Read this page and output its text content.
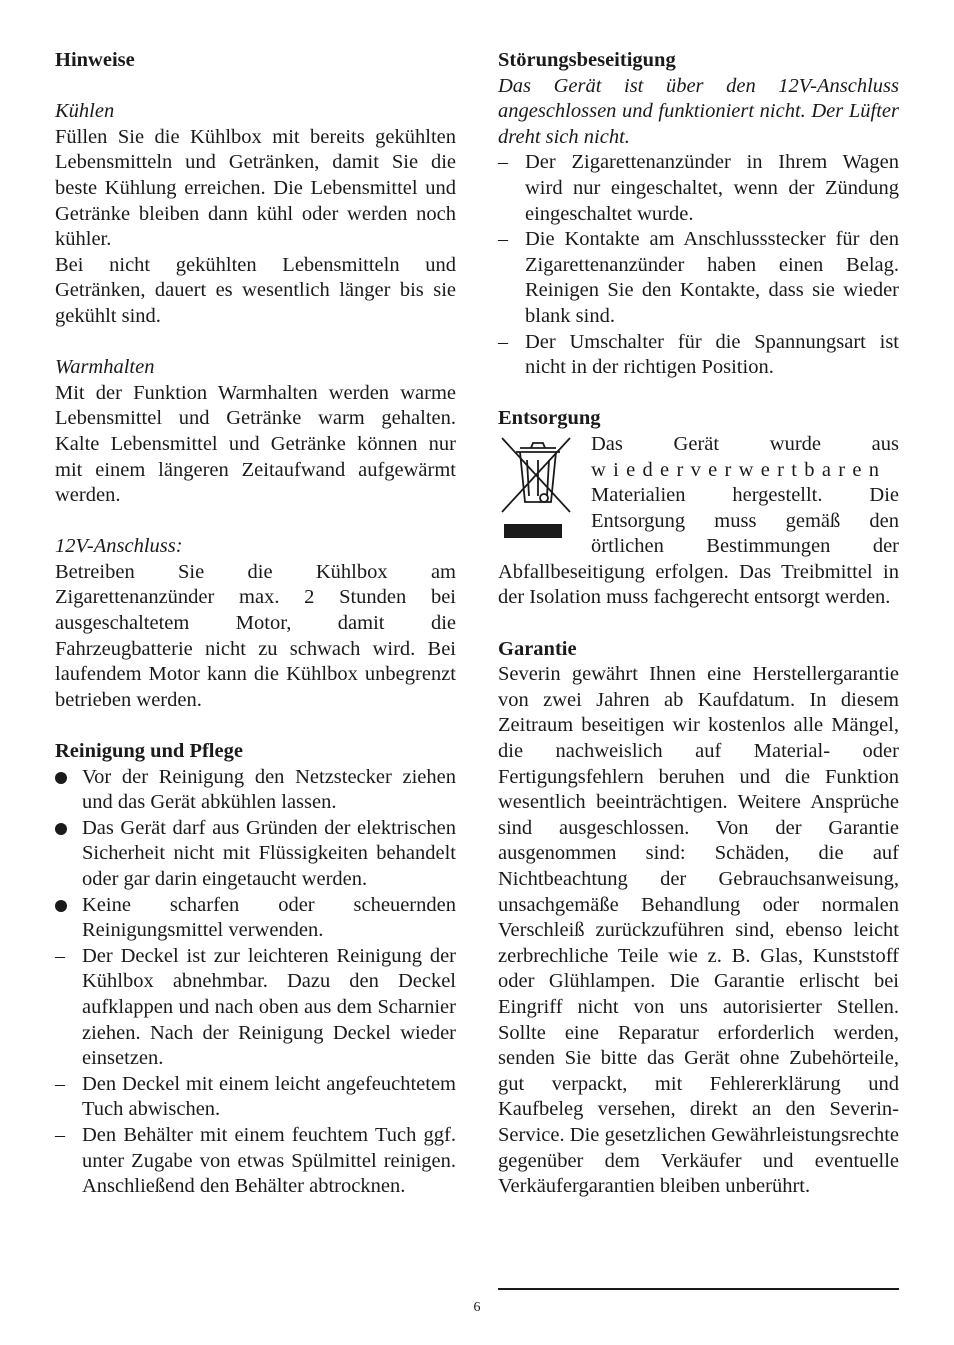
Hinweise

Kühlen

Füllen Sie die Kühlbox mit bereits gekühlten Lebensmitteln und Getränken, damit Sie die beste Kühlung erreichen. Die Lebensmittel und Getränke bleiben dann kühl oder werden noch kühler.

Bei nicht gekühlten Lebensmitteln und Getränken, dauert es wesentlich länger bis sie gekühlt sind.

Warmhalten

Mit der Funktion Warmhalten werden warme Lebensmittel und Getränke warm gehalten. Kalte Lebensmittel und Getränke können nur mit einem längeren Zeitaufwand aufgewärmt werden.

12V-Anschluss:

Betreiben Sie die Kühlbox am Zigarettenanzünder max. 2 Stunden bei ausgeschaltetem Motor, damit die Fahrzeugbatterie nicht zu schwach wird. Bei laufendem Motor kann die Kühlbox unbegrenzt betrieben werden.

Reinigung und Pflege

Vor der Reinigung den Netzstecker ziehen und das Gerät abkühlen lassen.
Das Gerät darf aus Gründen der elektrischen Sicherheit nicht mit Flüssigkeiten behandelt oder gar darin eingetaucht werden.
Keine scharfen oder scheuernden Reinigungsmittel verwenden.
– Der Deckel ist zur leichteren Reinigung der Kühlbox abnehmbar. Dazu den Deckel aufklappen und nach oben aus dem Scharnier ziehen. Nach der Reinigung Deckel wieder einsetzen.
– Den Deckel mit einem leicht angefeuchtetem Tuch abwischen.
– Den Behälter mit einem feuchtem Tuch ggf. unter Zugabe von etwas Spülmittel reinigen. Anschließend den Behälter abtrocknen.

Störungsbeseitigung

Das Gerät ist über den 12V-Anschluss angeschlossen und funktioniert nicht. Der Lüfter dreht sich nicht.

– Der Zigarettenanzünder in Ihrem Wagen wird nur eingeschaltet, wenn der Zündung eingeschaltet wurde.
– Die Kontakte am Anschlussstecker für den Zigarettenanzünder haben einen Belag. Reinigen Sie den Kontakte, dass sie wieder blank sind.
– Der Umschalter für die Spannungsart ist nicht in der richtigen Position.

Entsorgung

Das Gerät wurde aus
wiederverwertbaren
Materialien hergestellt. Die
Entsorgung muss gemäß den
örtlichen Bestimmungen der

Abfallbeseitigung erfolgen. Das Treibmittel in der Isolation muss fachgerecht entsorgt werden.

Garantie

Severin gewährt Ihnen eine Herstellergarantie von zwei Jahren ab Kaufdatum. In diesem Zeitraum beseitigen wir kostenlos alle Mängel, die nachweislich auf Material- oder Fertigungsfehlern beruhen und die Funktion wesentlich beeinträchtigen. Weitere Ansprüche sind ausgeschlossen. Von der Garantie ausgenommen sind: Schäden, die auf Nichtbeachtung der Gebrauchsanweisung, unsachgemäße Behandlung oder normalen Verschleiß zurückzuführen sind, ebenso leicht zerbrechliche Teile wie z. B. Glas, Kunststoff oder Glühlampen. Die Garantie erlischt bei Eingriff nicht von uns autorisierter Stellen. Sollte eine Reparatur erforderlich werden, senden Sie bitte das Gerät ohne Zubehörteile, gut verpackt, mit Fehlererklärung und Kaufbeleg versehen, direkt an den Severin-Service. Die gesetzlichen Gewährleistungsrechte gegenüber dem Verkäufer und eventuelle Verkäufergarantien bleiben unberührt.

6
